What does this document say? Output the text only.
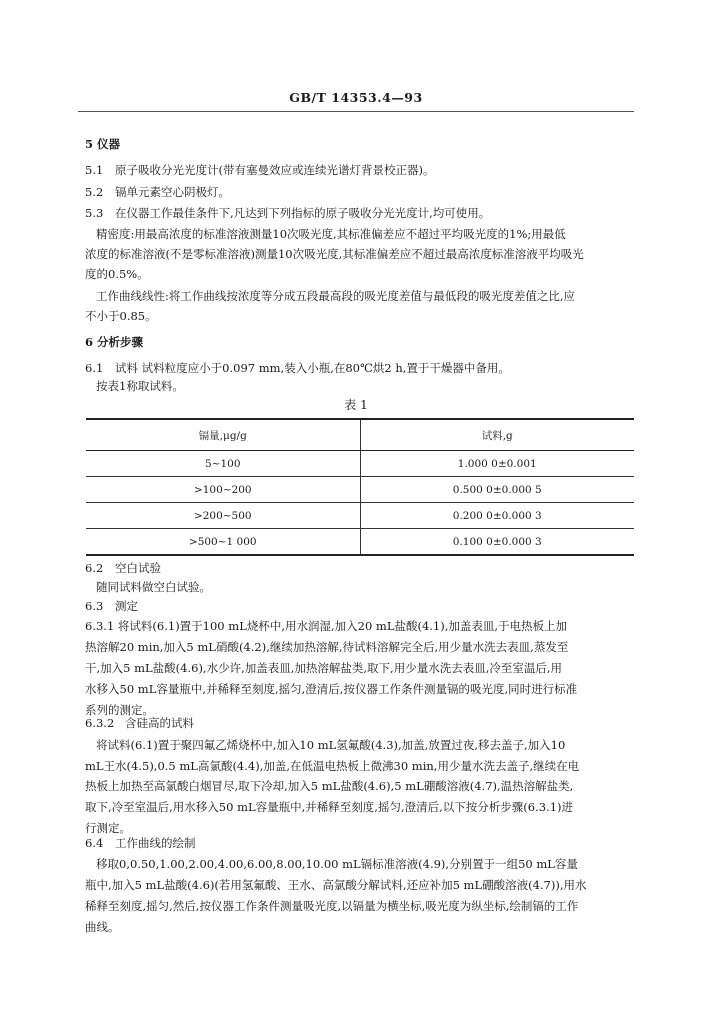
GB/T 14353.4—93
5 仪器
5.1 原子吸收分光光度计(带有塞曼效应或连续光谱灯背景校正器)。
5.2 镉单元素空心阴极灯。
5.3 在仪器工作最佳条件下,凡达到下列指标的原子吸收分光光度计,均可使用。
精密度:用最高浓度的标准溶液测量10次吸光度,其标准偏差应不超过平均吸光度的1%;用最低
浓度的标准溶液(不是零标准溶液)测量10次吸光度,其标准偏差应不超过最高浓度标准溶液平均吸光
度的0.5%。
工作曲线线性:将工作曲线按浓度等分成五段最高段的吸光度差值与最低段的吸光度差值之比,应
不小于0.85。
6 分析步骤
6.1 试料 试料粒度应小于0.097 mm,装入小瓶,在80℃烘2 h,置于干燥器中备用。
按表1称取试料。
表 1
镉量,μg/g	试料,g
5~100	1.000 0±0.001
>100~200	0.500 0±0.000 5
>200~500	0.200 0±0.000 3
>500~1 000	0.100 0±0.000 3
6.2 空白试验
随同试料做空白试验。
6.3 测定
6.3.1 将试料(6.1)置于100 mL烧杯中,用水润湿,加入20 mL盐酸(4.1),加盖表皿,于电热板上加
热溶解20 min,加入5 mL硝酸(4.2),继续加热溶解,待试料溶解完全后,用少量水洗去表皿,蒸发至
干,加入5 mL盐酸(4.6),水少许,加盖表皿,加热溶解盐类,取下,用少量水洗去表皿,冷至室温后,用
水移入50 mL容量瓶中,并稀释至刻度,摇匀,澄清后,按仪器工作条件测量镉的吸光度,同时进行标准
系列的测定。
6.3.2 含硅高的试料
将试料(6.1)置于聚四氟乙烯烧杯中,加入10 mL氢氟酸(4.3),加盖,放置过夜,移去盖子,加入10
mL王水(4.5),0.5 mL高氯酸(4.4),加盖,在低温电热板上微沸30 min,用少量水洗去盖子,继续在电
热板上加热至高氯酸白烟冒尽,取下冷却,加入5 mL盐酸(4.6),5 mL硼酸溶液(4.7),温热溶解盐类,
取下,冷至室温后,用水移入50 mL容量瓶中,并稀释至刻度,摇匀,澄清后,以下按分析步骤(6.3.1)进
行测定。
6.4 工作曲线的绘制
移取0,0.50,1.00,2.00,4.00,6.00,8.00,10.00 mL镉标准溶液(4.9),分别置于一组50 mL容量
瓶中,加入5 mL盐酸(4.6)(若用氢氟酸、王水、高氯酸分解试料,还应补加5 mL硼酸溶液(4.7)),用水
稀释至刻度,摇匀,然后,按仪器工作条件测量吸光度,以镉量为横坐标,吸光度为纵坐标,绘制镉的工作
曲线。
